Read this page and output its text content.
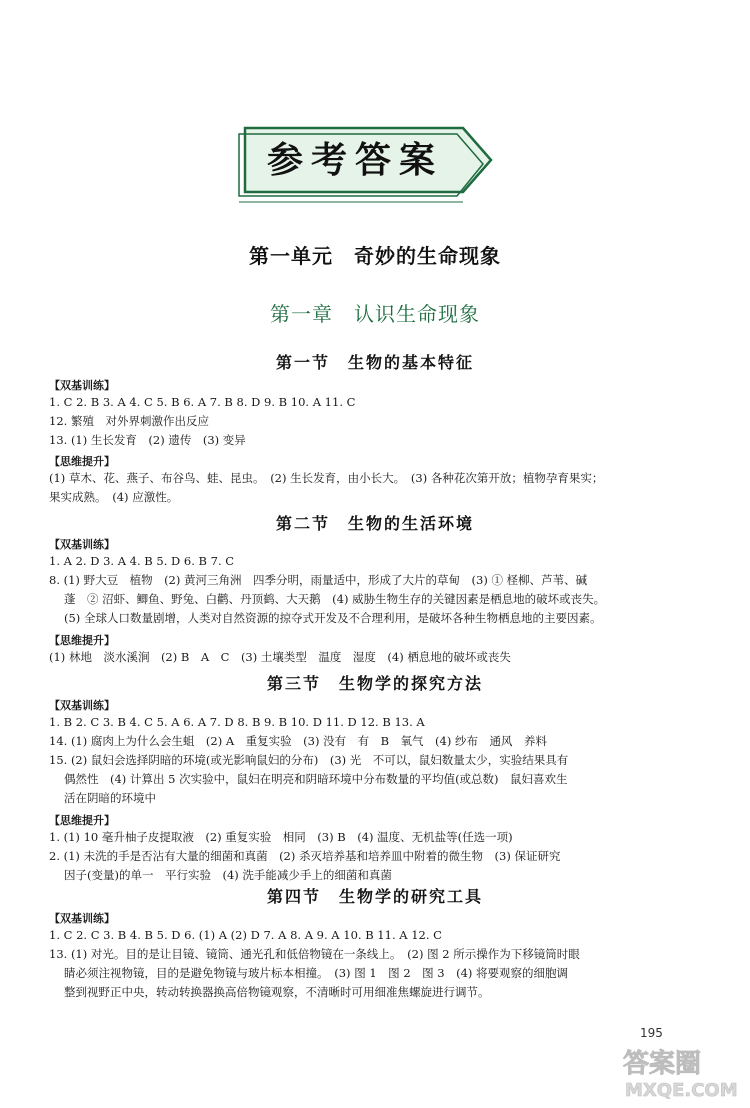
参考答案
第一单元　奇妙的生命现象
第一章　认识生命现象
第一节　生物的基本特征
【双基训练】
1. C 2. B 3. A 4. C 5. B 6. A 7. B 8. D 9. B 10. A 11. C
12. 繁殖　对外界刺激作出反应
13. (1) 生长发育　(2) 遗传　(3) 变异
【思维提升】
(1) 草木、花、燕子、布谷鸟、蛙、昆虫。　(2) 生长发育，由小长大。　(3) 各种花次第开放；植物孕育果实；
果实成熟。　(4) 应激性。
第二节　生物的生活环境
【双基训练】
1. A 2. D 3. A 4. B 5. D 6. B 7. C
8. (1) 野大豆　植物　(2) 黄河三角洲　四季分明，雨量适中，形成了大片的草甸　(3) ① 柽柳、芦苇、碱
蓬　② 沼虾、鲫鱼、野兔、白鹳、丹顶鹤、大天鹅　(4) 威胁生物生存的关键因素是栖息地的破坏或丧失。
(5) 全球人口数量剧增，人类对自然资源的掠夺式开发及不合理利用，是破坏各种生物栖息地的主要因素。
【思维提升】
(1) 林地　淡水溪涧　(2) B　A　C　(3) 土壤类型　温度　湿度　(4) 栖息地的破坏或丧失
第三节　生物学的探究方法
【双基训练】
1. B 2. C 3. B 4. C 5. A 6. A 7. D 8. B 9. B 10. D 11. D 12. B 13. A
14. (1) 腐肉上为什么会生蛆　(2) A　重复实验　(3) 没有　有　B　氧气　(4) 纱布　通风　养料
15. (2) 鼠妇会选择阴暗的环境(或光影响鼠妇的分布)　(3) 光　不可以，鼠妇数量太少，实验结果具有
偶然性　(4) 计算出 5 次实验中，鼠妇在明亮和阴暗环境中分布数量的平均值(或总数)　鼠妇喜欢生
活在阴暗的环境中
【思维提升】
1. (1) 10 毫升柚子皮提取液　(2) 重复实验　相同　(3) B　(4) 温度、无机盐等(任选一项)
2. (1) 未洗的手是否沾有大量的细菌和真菌　(2) 杀灭培养基和培养皿中附着的微生物　(3) 保证研究
因子(变量)的单一　平行实验　(4) 洗手能减少手上的细菌和真菌
第四节　生物学的研究工具
【双基训练】
1. C 2. C 3. B 4. B 5. D 6. (1) A (2) D 7. A 8. A 9. A 10. B 11. A 12. C
13. (1) 对光。目的是让目镜、镜筒、通光孔和低倍物镜在一条线上。　(2) 图 2 所示操作为下移镜筒时眼
睛必须注视物镜，目的是避免物镜与玻片标本相撞。　(3) 图 1　图 2　图 3　(4) 将要观察的细胞调
整到视野正中央，转动转换器换高倍物镜观察，不清晰时可用细准焦螺旋进行调节。
195
答案圈
MXQE.COM
